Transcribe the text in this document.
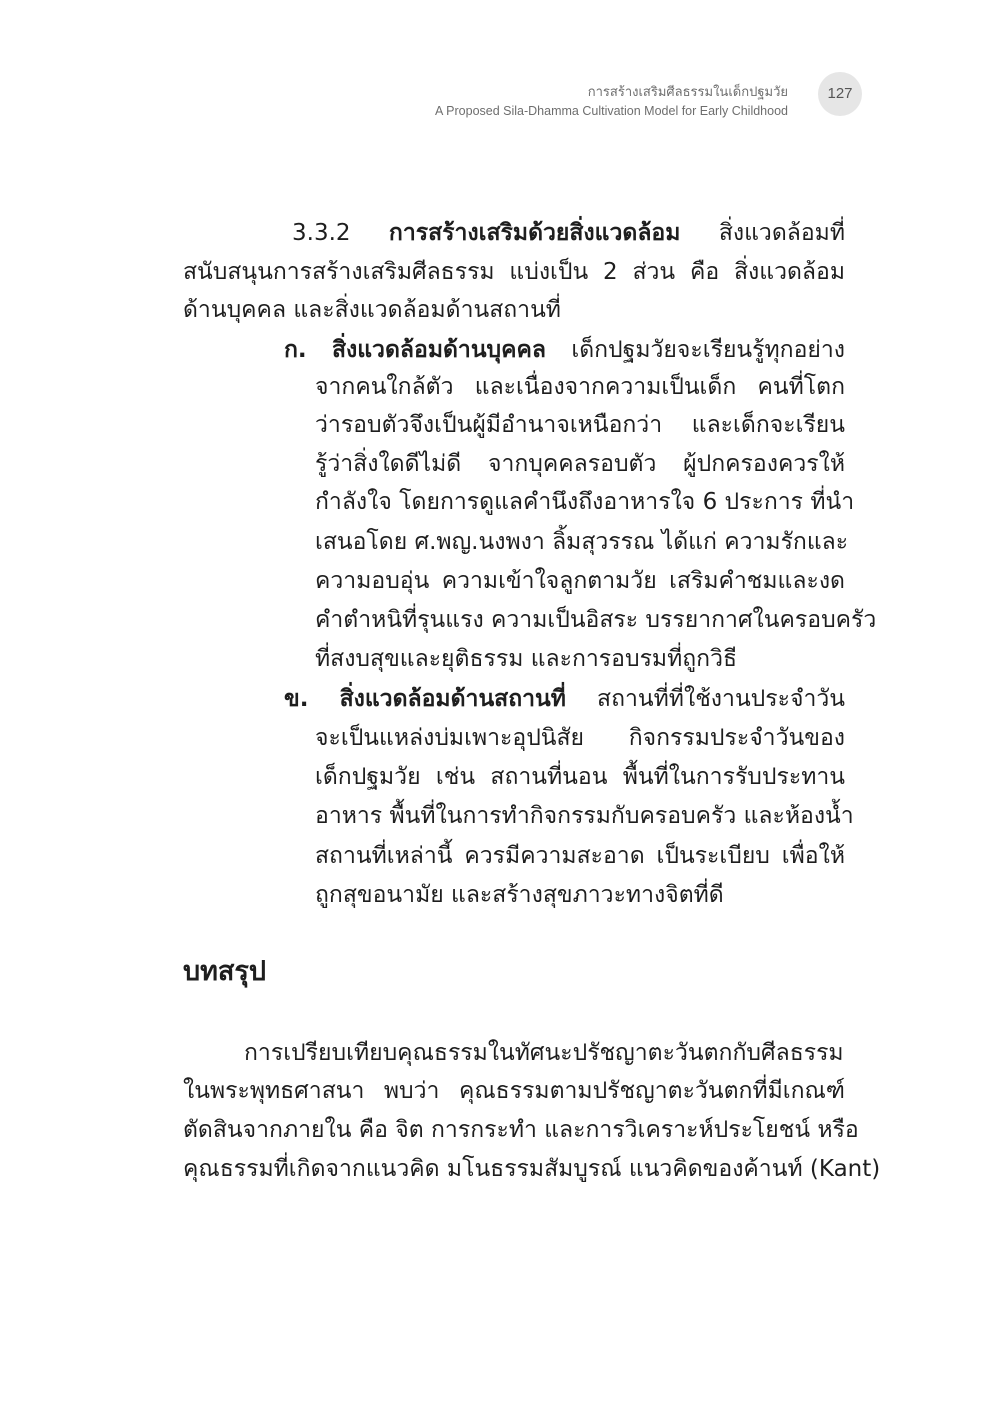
การสร้างเสริมศีลธรรมในเด็กปฐมวัย
A Proposed Sila-Dhamma Cultivation Model for Early Childhood
127
3.3.2 การสร้างเสริมด้วยสิ่งแวดล้อม สิ่งแวดล้อมที่
สนับสนุนการสร้างเสริมศีลธรรม แบ่งเป็น 2 ส่วน คือ สิ่งแวดล้อม
ด้านบุคคล และสิ่งแวดล้อมด้านสถานที่
ก. สิ่งแวดล้อมด้านบุคคล เด็กปฐมวัยจะเรียนรู้ทุกอย่าง
จากคนใกล้ตัว และเนื่องจากความเป็นเด็ก คนที่โตก
ว่ารอบตัวจึงเป็นผู้มีอำนาจเหนือกว่า และเด็กจะเรียน
รู้ว่าสิ่งใดดีไม่ดี จากบุคคลรอบตัว ผู้ปกครองควรให้
กำลังใจ โดยการดูแลคำนึงถึงอาหารใจ 6 ประการ ที่นำ
เสนอโดย ศ.พญ.นงพงา ลิ้มสุวรรณ ได้แก่ ความรักและ
ความอบอุ่น ความเข้าใจลูกตามวัย เสริมคำชมและงด
คำตำหนิที่รุนแรง ความเป็นอิสระ บรรยากาศในครอบครัว
ที่สงบสุขและยุติธรรม และการอบรมที่ถูกวิธี
ข. สิ่งแวดล้อมด้านสถานที่ สถานที่ที่ใช้งานประจำวัน
จะเป็นแหล่งบ่มเพาะอุปนิสัย กิจกรรมประจำวันของ
เด็กปฐมวัย เช่น สถานที่นอน พื้นที่ในการรับประทาน
อาหาร พื้นที่ในการทำกิจกรรมกับครอบครัว และห้องน้ำ
สถานที่เหล่านี้ ควรมีความสะอาด เป็นระเบียบ เพื่อให้
ถูกสุขอนามัย และสร้างสุขภาวะทางจิตที่ดี
บทสรุป
การเปรียบเทียบคุณธรรมในทัศนะปรัชญาตะวันตกกับศีลธรรม
ในพระพุทธศาสนา พบว่า คุณธรรมตามปรัชญาตะวันตกที่มีเกณฑ์
ตัดสินจากภายใน คือ จิต การกระทำ และการวิเคราะห์ประโยชน์ หรือ
คุณธรรมที่เกิดจากแนวคิด มโนธรรมสัมบูรณ์ แนวคิดของค้านท์ (Kant)
